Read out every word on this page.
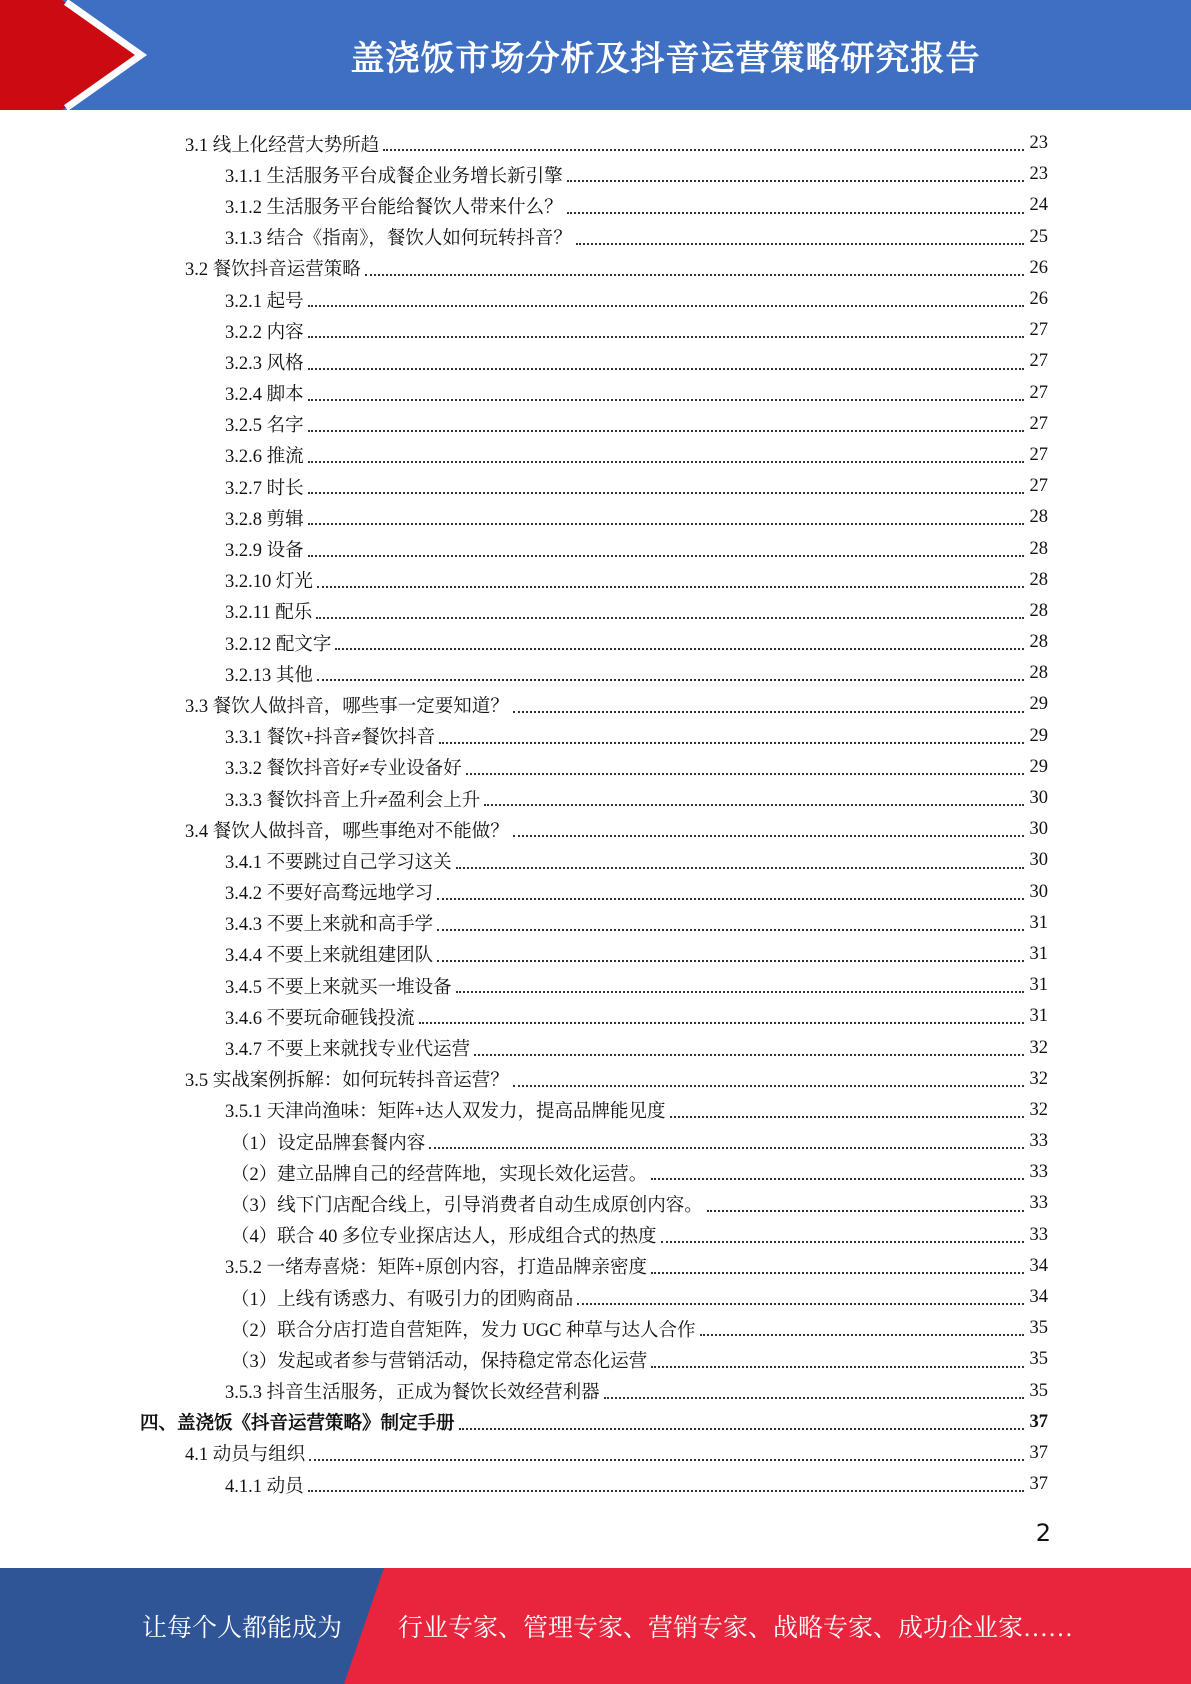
盖浇饭市场分析及抖音运营策略研究报告
3.1 线上化经营大势所趋	23
3.1.1 生活服务平台成餐企业务增长新引擎	23
3.1.2 生活服务平台能给餐饮人带来什么？	24
3.1.3 结合《指南》，餐饮人如何玩转抖音？	25
3.2 餐饮抖音运营策略	26
3.2.1 起号	26
3.2.2 内容	27
3.2.3 风格	27
3.2.4 脚本	27
3.2.5 名字	27
3.2.6 推流	27
3.2.7 时长	27
3.2.8 剪辑	28
3.2.9 设备	28
3.2.10 灯光	28
3.2.11 配乐	28
3.2.12 配文字	28
3.2.13 其他	28
3.3 餐饮人做抖音，哪些事一定要知道？	29
3.3.1 餐饮+抖音≠餐饮抖音	29
3.3.2 餐饮抖音好≠专业设备好	29
3.3.3 餐饮抖音上升≠盈利会上升	30
3.4 餐饮人做抖音，哪些事绝对不能做？	30
3.4.1 不要跳过自己学习这关	30
3.4.2 不要好高骛远地学习	30
3.4.3 不要上来就和高手学	31
3.4.4 不要上来就组建团队	31
3.4.5 不要上来就买一堆设备	31
3.4.6 不要玩命砸钱投流	31
3.4.7 不要上来就找专业代运营	32
3.5 实战案例拆解：如何玩转抖音运营？	32
3.5.1 天津尚渔味：矩阵+达人双发力，提高品牌能见度	32
（1）设定品牌套餐内容	33
（2）建立品牌自己的经营阵地，实现长效化运营。	33
（3）线下门店配合线上，引导消费者自动生成原创内容。	33
（4）联合 40 多位专业探店达人，形成组合式的热度	33
3.5.2 一绪寿喜烧：矩阵+原创内容，打造品牌亲密度	34
（1）上线有诱惑力、有吸引力的团购商品	34
（2）联合分店打造自营矩阵，发力 UGC 种草与达人合作	35
（3）发起或者参与营销活动，保持稳定常态化运营	35
3.5.3 抖音生活服务，正成为餐饮长效经营利器	35
四、盖浇饭《抖音运营策略》制定手册	37
4.1 动员与组织	37
4.1.1 动员	37
2
让每个人都能成为 行业专家、管理专家、营销专家、战略专家、成功企业家……
